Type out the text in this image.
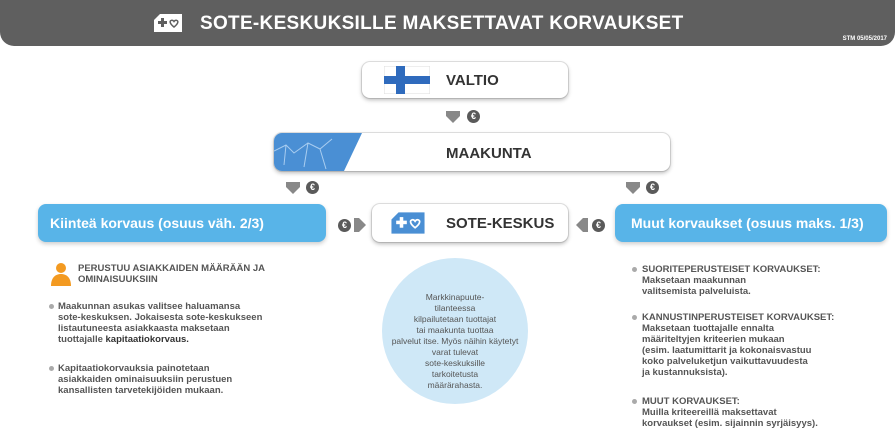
SOTE-KESKUKSILLE MAKSETTAVAT KORVAUKSET
STM 05/05/2017
VALTIO
€
MAAKUNTA
€	€
Kiinteä korvaus (osuus väh. 2/3)	Muut korvaukset (osuus maks. 1/3)
€	€
SOTE-KESKUS
PERUSTUU ASIAKKAIDEN MÄÄRÄÄN JA
OMINAISUUKSIIN
Maakunnan asukas valitsee haluamansa
sote-keskuksen. Jokaisesta sote-keskukseen
listautuneesta asiakkaasta maksetaan
tuottajalle kapitaatiokorvaus.
Kapitaatiokorvauksia painotetaan
asiakkaiden ominaisuuksiin perustuen
kansallisten tarvetekijöiden mukaan.
Markkinapuute-
tilanteessa
kilpailutetaan tuottajat
tai maakunta tuottaa
palvelut itse. Myös näihin käytetyt
varat tulevat
sote-keskuksille
tarkoitetusta
määrärahasta.
SUORITEPERUSTEISET KORVAUKSET:
Maksetaan maakunnan
valitsemista palveluista.
KANNUSTINPERUSTEISET KORVAUKSET:
Maksetaan tuottajalle ennalta
määriteltyjen kriteerien mukaan
(esim. laatumittarit ja kokonaisvastuu
koko palveluketjun vaikuttavuudesta
ja kustannuksista).
MUUT KORVAUKSET:
Muilla kriteereillä maksettavat
korvaukset (esim. sijainnin syrjäisyys).
